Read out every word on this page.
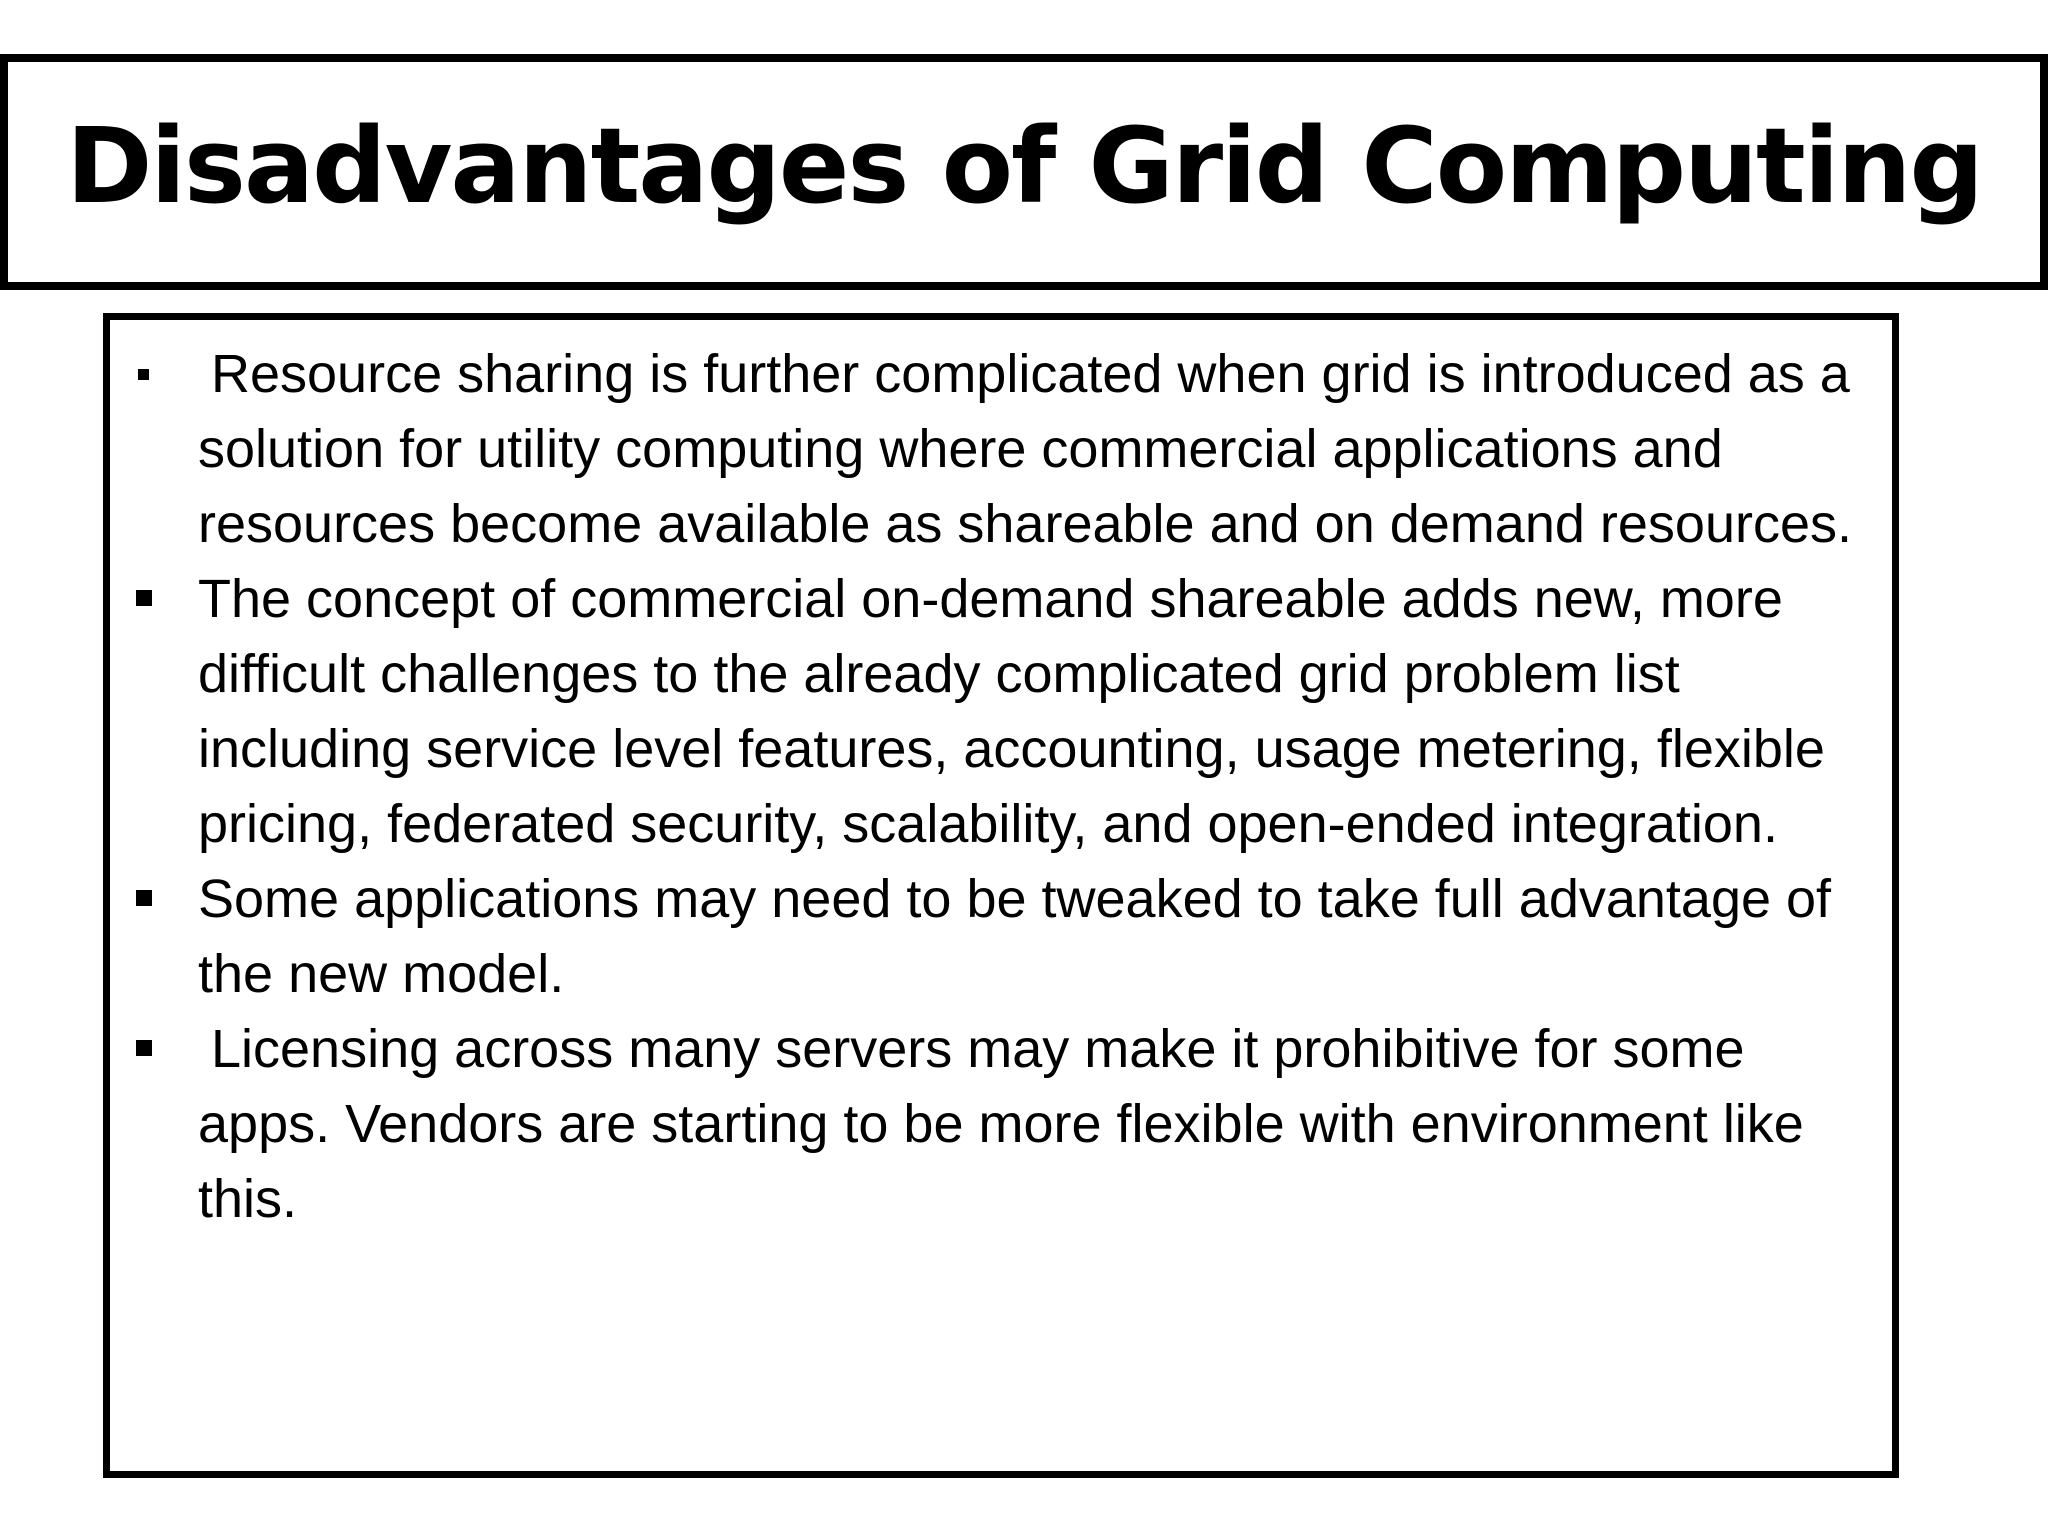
Disadvantages of Grid Computing
Resource sharing is further complicated when grid is introduced as a solution for utility computing where commercial applications and resources become available as shareable and on demand resources.
The concept of commercial on-demand shareable adds new, more difficult challenges to the already complicated grid problem list including service level features, accounting, usage metering, flexible pricing, federated security, scalability, and open-ended integration.
Some applications may need to be tweaked to take full advantage of the new model.
Licensing across many servers may make it prohibitive for some apps. Vendors are starting to be more flexible with environment like this.
